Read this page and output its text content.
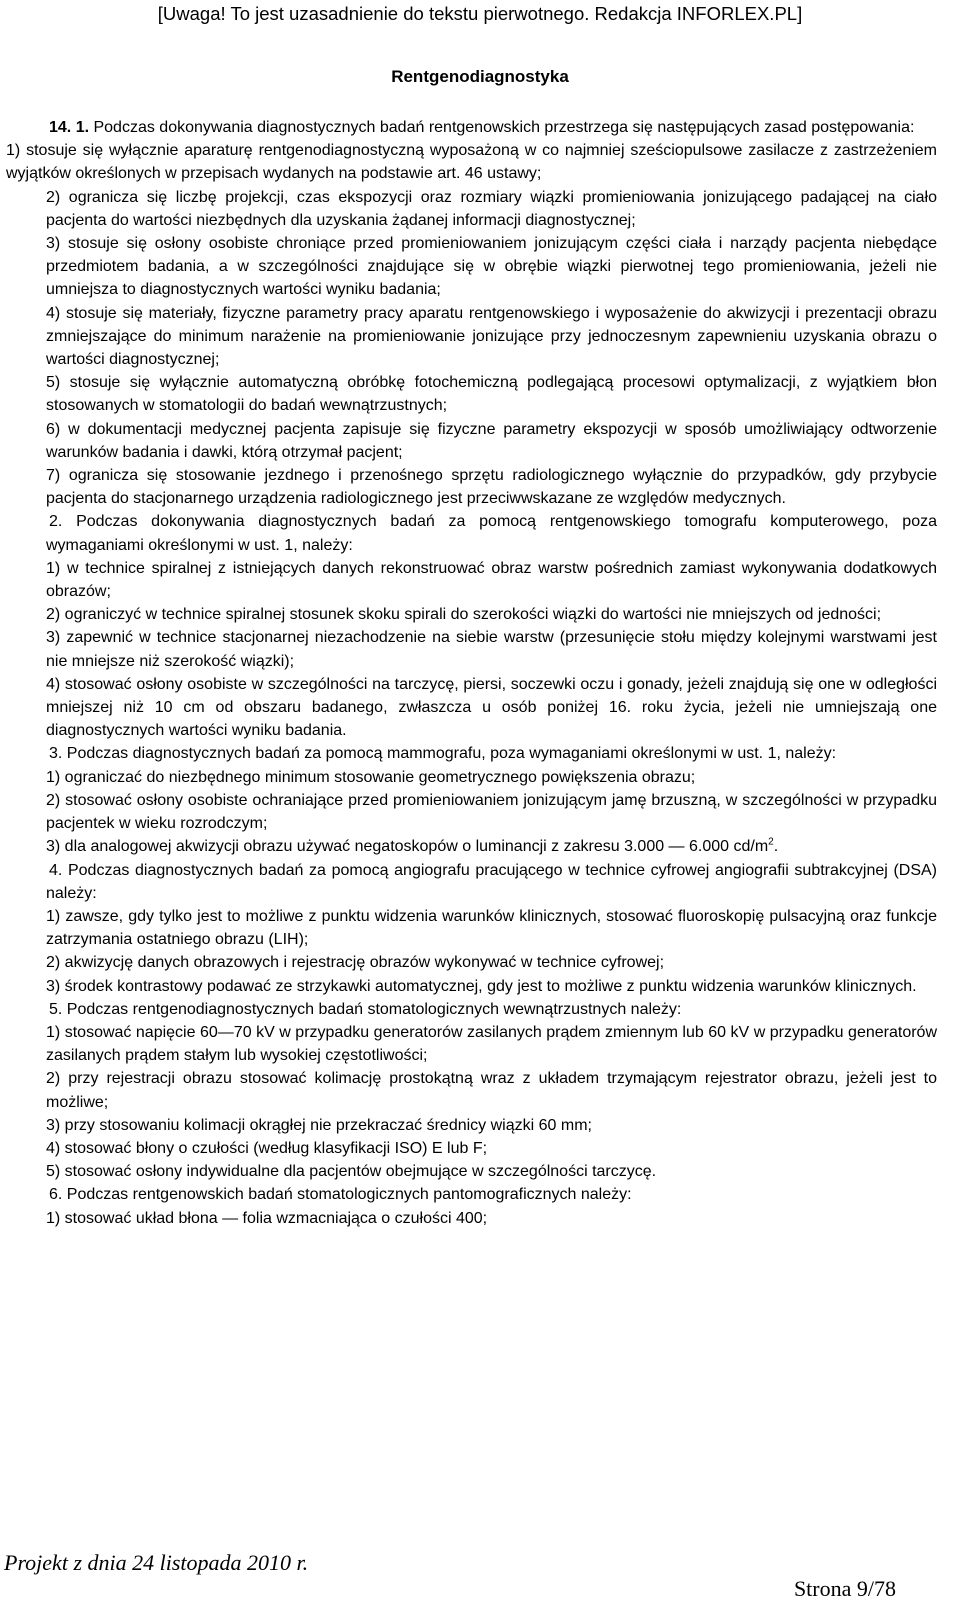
[Uwaga! To jest uzasadnienie do tekstu pierwotnego. Redakcja INFORLEX.PL]
Rentgenodiagnostyka

14. 1. Podczas dokonywania diagnostycznych badań rentgenowskich przestrzega się następujących zasad postępowania:

1) stosuje się wyłącznie aparaturę rentgenodiagnostyczną wyposażoną w co najmniej sześciopulsowe zasilacze z zastrzeżeniem wyjątków określonych w przepisach wydanych na podstawie art. 46 ustawy;

2) ogranicza się liczbę projekcji, czas ekspozycji oraz rozmiary wiązki promieniowania jonizującego padającej na ciało pacjenta do wartości niezbędnych dla uzyskania żądanej informacji diagnostycznej;

3) stosuje się osłony osobiste chroniące przed promieniowaniem jonizującym części ciała i narządy pacjenta niebędące przedmiotem badania, a w szczególności znajdujące się w obrębie wiązki pierwotnej tego promieniowania, jeżeli nie umniejsza to diagnostycznych wartości wyniku badania;

4) stosuje się materiały, fizyczne parametry pracy aparatu rentgenowskiego i wyposażenie do akwizycji i prezentacji obrazu zmniejszające do minimum narażenie na promieniowanie jonizujące przy jednoczesnym zapewnieniu uzyskania obrazu o wartości diagnostycznej;

5) stosuje się wyłącznie automatyczną obróbkę fotochemiczną podlegającą procesowi optymalizacji, z wyjątkiem błon stosowanych w stomatologii do badań wewnątrzustnych;

6) w dokumentacji medycznej pacjenta zapisuje się fizyczne parametry ekspozycji w sposób umożliwiający odtworzenie warunków badania i dawki, którą otrzymał pacjent;

7) ogranicza się stosowanie jezdnego i przenośnego sprzętu radiologicznego wyłącznie do przypadków, gdy przybycie pacjenta do stacjonarnego urządzenia radiologicznego jest przeciwwskazane ze względów medycznych.

2. Podczas dokonywania diagnostycznych badań za pomocą rentgenowskiego tomografu komputerowego, poza wymaganiami określonymi w ust. 1, należy:

1) w technice spiralnej z istniejących danych rekonstruować obraz warstw pośrednich zamiast wykonywania dodatkowych obrazów;

2) ograniczyć w technice spiralnej stosunek skoku spirali do szerokości wiązki do wartości nie mniejszych od jedności;

3) zapewnić w technice stacjonarnej niezachodzenie na siebie warstw (przesunięcie stołu między kolejnymi warstwami jest nie mniejsze niż szerokość wiązki);

4) stosować osłony osobiste w szczególności na tarczycę, piersi, soczewki oczu i gonady, jeżeli znajdują się one w odległości mniejszej niż 10 cm od obszaru badanego, zwłaszcza u osób poniżej 16. roku życia, jeżeli nie umniejszają one diagnostycznych wartości wyniku badania.

3. Podczas diagnostycznych badań za pomocą mammografu, poza wymaganiami określonymi w ust. 1, należy:

1) ograniczać do niezbędnego minimum stosowanie geometrycznego powiększenia obrazu;

2) stosować osłony osobiste ochraniające przed promieniowaniem jonizującym jamę brzuszną, w szczególności w przypadku pacjentek w wieku rozrodczym;

3) dla analogowej akwizycji obrazu używać negatoskopów o luminancji z zakresu 3.000 — 6.000 $cd/m^2$.

4. Podczas diagnostycznych badań za pomocą angiografu pracującego w technice cyfrowej angiografii subtrakcyjnej (DSA) należy:

1) zawsze, gdy tylko jest to możliwe z punktu widzenia warunków klinicznych, stosować fluoroskopię pulsacyjną oraz funkcje zatrzymania ostatniego obrazu (LIH);

2) akwizycję danych obrazowych i rejestrację obrazów wykonywać w technice cyfrowej;

3) środek kontrastowy podawać ze strzykawki automatycznej, gdy jest to możliwe z punktu widzenia warunków klinicznych.

5. Podczas rentgenodiagnostycznych badań stomatologicznych wewnątrzustnych należy:

1) stosować napięcie 60—70 kV w przypadku generatorów zasilanych prądem zmiennym lub 60 kV w przypadku generatorów zasilanych prądem stałym lub wysokiej częstotliwości;

2) przy rejestracji obrazu stosować kolimację prostokątną wraz z układem trzymającym rejestrator obrazu, jeżeli jest to możliwe;

3) przy stosowaniu kolimacji okrągłej nie przekraczać średnicy wiązki 60 mm;

4) stosować błony o czułości (według klasyfikacji ISO) E lub F;

5) stosować osłony indywidualne dla pacjentów obejmujące w szczególności tarczycę.

6. Podczas rentgenowskich badań stomatologicznych pantomograficznych należy:

1) stosować układ błona — folia wzmacniająca o czułości 400;

Projekt z dnia 24 listopada 2010 r.
Strona 9/78
